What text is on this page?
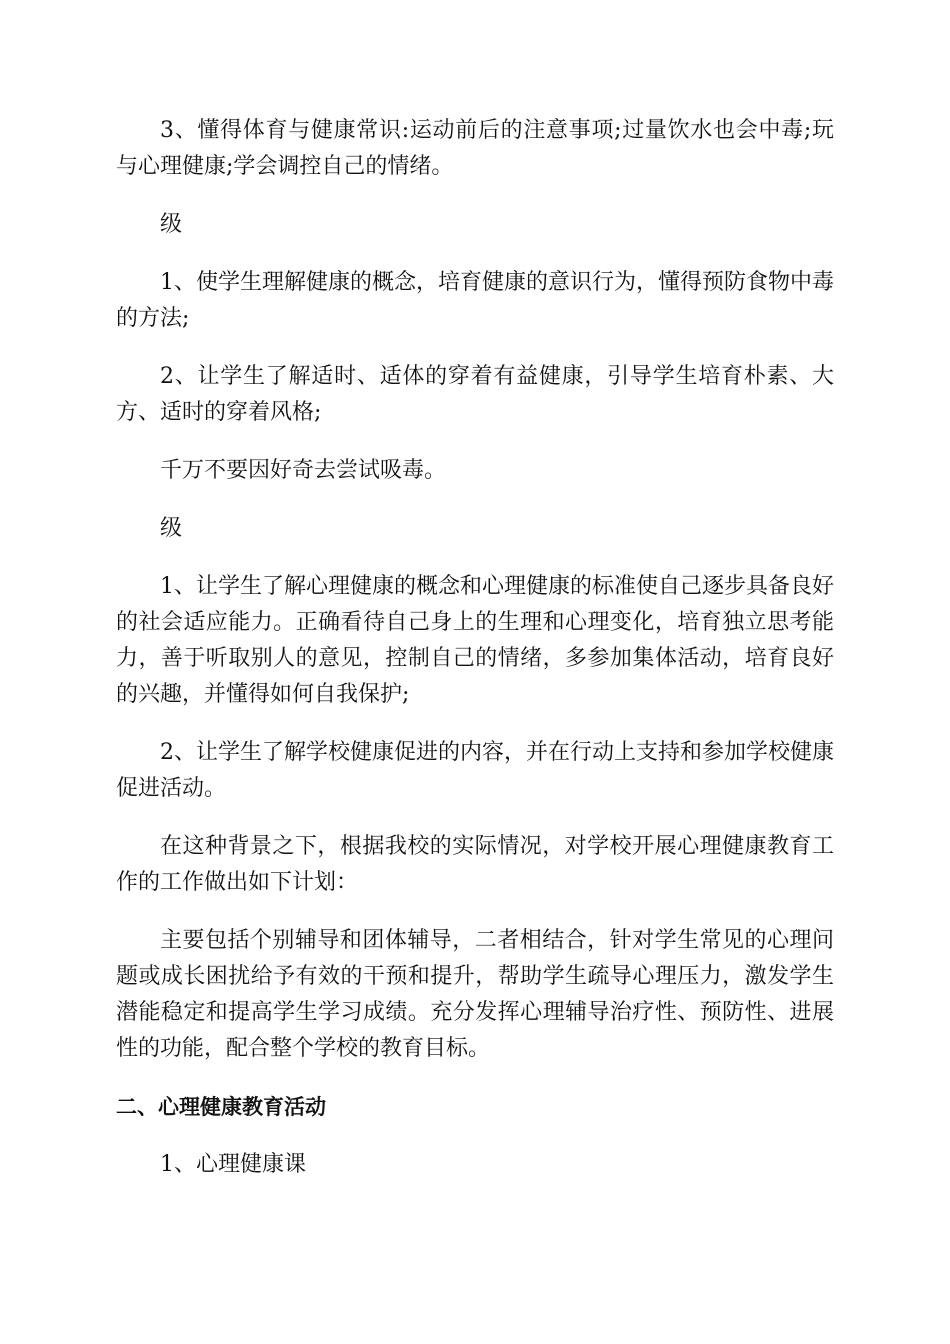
3、懂得体育与健康常识:运动前后的注意事项;过量饮水也会中毒;玩与心理健康;学会调控自己的情绪。

级

1、使学生理解健康的概念，培育健康的意识行为，懂得预防食物中毒的方法;

2、让学生了解适时、适体的穿着有益健康，引导学生培育朴素、大方、适时的穿着风格;

千万不要因好奇去尝试吸毒。

级

1、让学生了解心理健康的概念和心理健康的标准使自己逐步具备良好的社会适应能力。正确看待自己身上的生理和心理变化，培育独立思考能力，善于听取别人的意见，控制自己的情绪，多参加集体活动，培育良好的兴趣，并懂得如何自我保护;

2、让学生了解学校健康促进的内容，并在行动上支持和参加学校健康促进活动。

在这种背景之下，根据我校的实际情况，对学校开展心理健康教育工作的工作做出如下计划：

主要包括个别辅导和团体辅导，二者相结合，针对学生常见的心理问题或成长困扰给予有效的干预和提升，帮助学生疏导心理压力，激发学生潜能稳定和提高学生学习成绩。充分发挥心理辅导治疗性、预防性、进展性的功能，配合整个学校的教育目标。

二、心理健康教育活动

1、心理健康课
